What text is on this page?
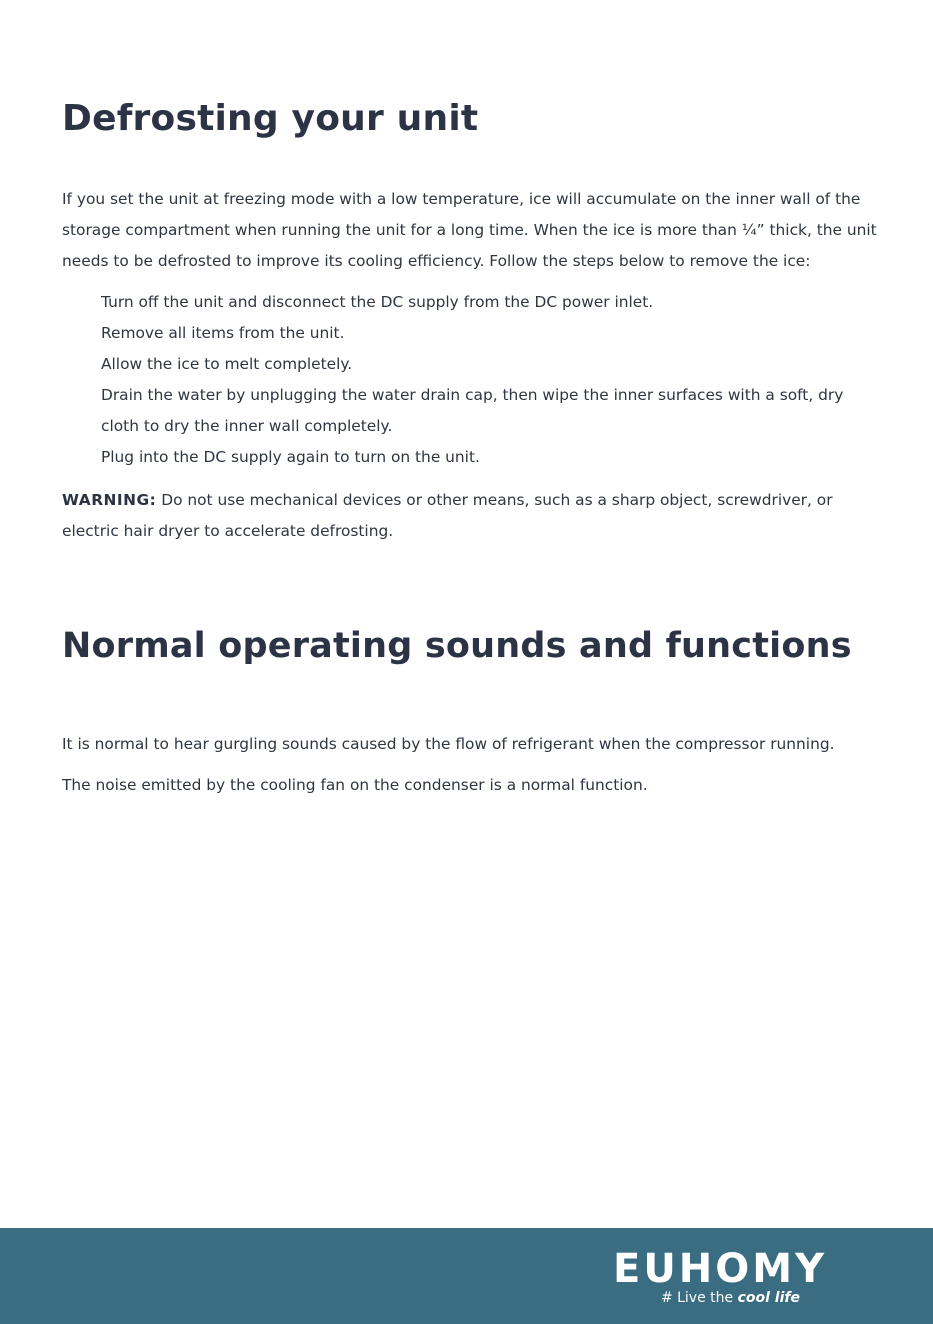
Defrosting your unit

If you set the unit at freezing mode with a low temperature, ice will accumulate on the inner wall of the storage compartment when running the unit for a long time. When the ice is more than ¼” thick, the unit needs to be defrosted to improve its cooling efficiency. Follow the steps below to remove the ice:

Turn off the unit and disconnect the DC supply from the DC power inlet.
Remove all items from the unit.
Allow the ice to melt completely.
Drain the water by unplugging the water drain cap, then wipe the inner surfaces with a soft, dry cloth to dry the inner wall completely.
Plug into the DC supply again to turn on the unit.

WARNING: Do not use mechanical devices or other means, such as a sharp object, screwdriver, or electric hair dryer to accelerate defrosting.

Normal operating sounds and functions

It is normal to hear gurgling sounds caused by the flow of refrigerant when the compressor running.

The noise emitted by the cooling fan on the condenser is a normal function.

EUHOMY
# Live the cool life
